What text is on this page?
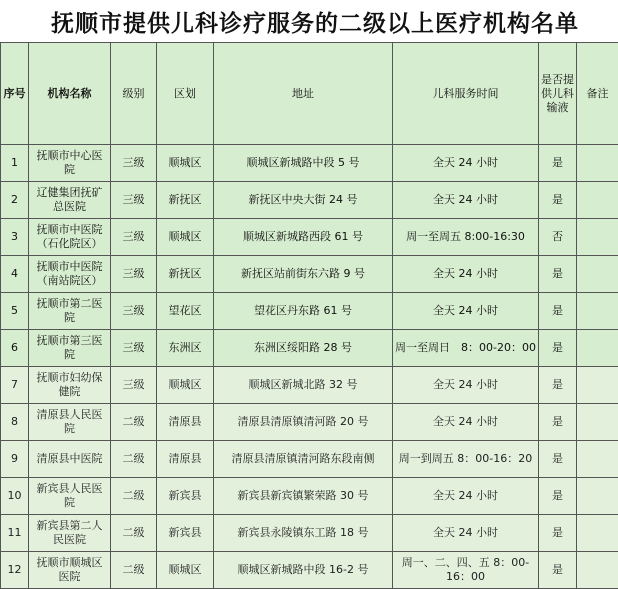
抚顺市提供儿科诊疗服务的二级以上医疗机构名单
序号	机构名称	级别	区划	地址	儿科服务时间	是否提供儿科输液	备注
1	抚顺市中心医院	三级	顺城区	顺城区新城路中段 5 号	全天 24 小时	是	
2	辽健集团抚矿总医院	三级	新抚区	新抚区中央大街 24 号	全天 24 小时	是	
3	抚顺市中医院（石化院区）	三级	顺城区	顺城区新城路西段 61 号	周一至周五 8:00-16:30	否	
4	抚顺市中医院（南站院区）	三级	新抚区	新抚区站前街东六路 9 号	全天 24 小时	是	
5	抚顺市第二医院	三级	望花区	望花区丹东路 61 号	全天 24 小时	是	
6	抚顺市第三医院	三级	东洲区	东洲区绥阳路 28 号	周一至周日　8：00-20：00	是	
7	抚顺市妇幼保健院	三级	顺城区	顺城区新城北路 32 号	全天 24 小时	是	
8	清原县人民医院	二级	清原县	清原县清原镇清河路 20 号	全天 24 小时	是	
9	清原县中医院	二级	清原县	清原县清原镇清河路东段南侧	周一到周五 8：00-16：20	是	
10	新宾县人民医院	二级	新宾县	新宾县新宾镇繁荣路 30 号	全天 24 小时	是	
11	新宾县第二人民医院	二级	新宾县	新宾县永陵镇东工路 18 号	全天 24 小时	是	
12	抚顺市顺城区医院	二级	顺城区	顺城区新城路中段 16-2 号	周一、二、四、五 8：00-16：00	是	
